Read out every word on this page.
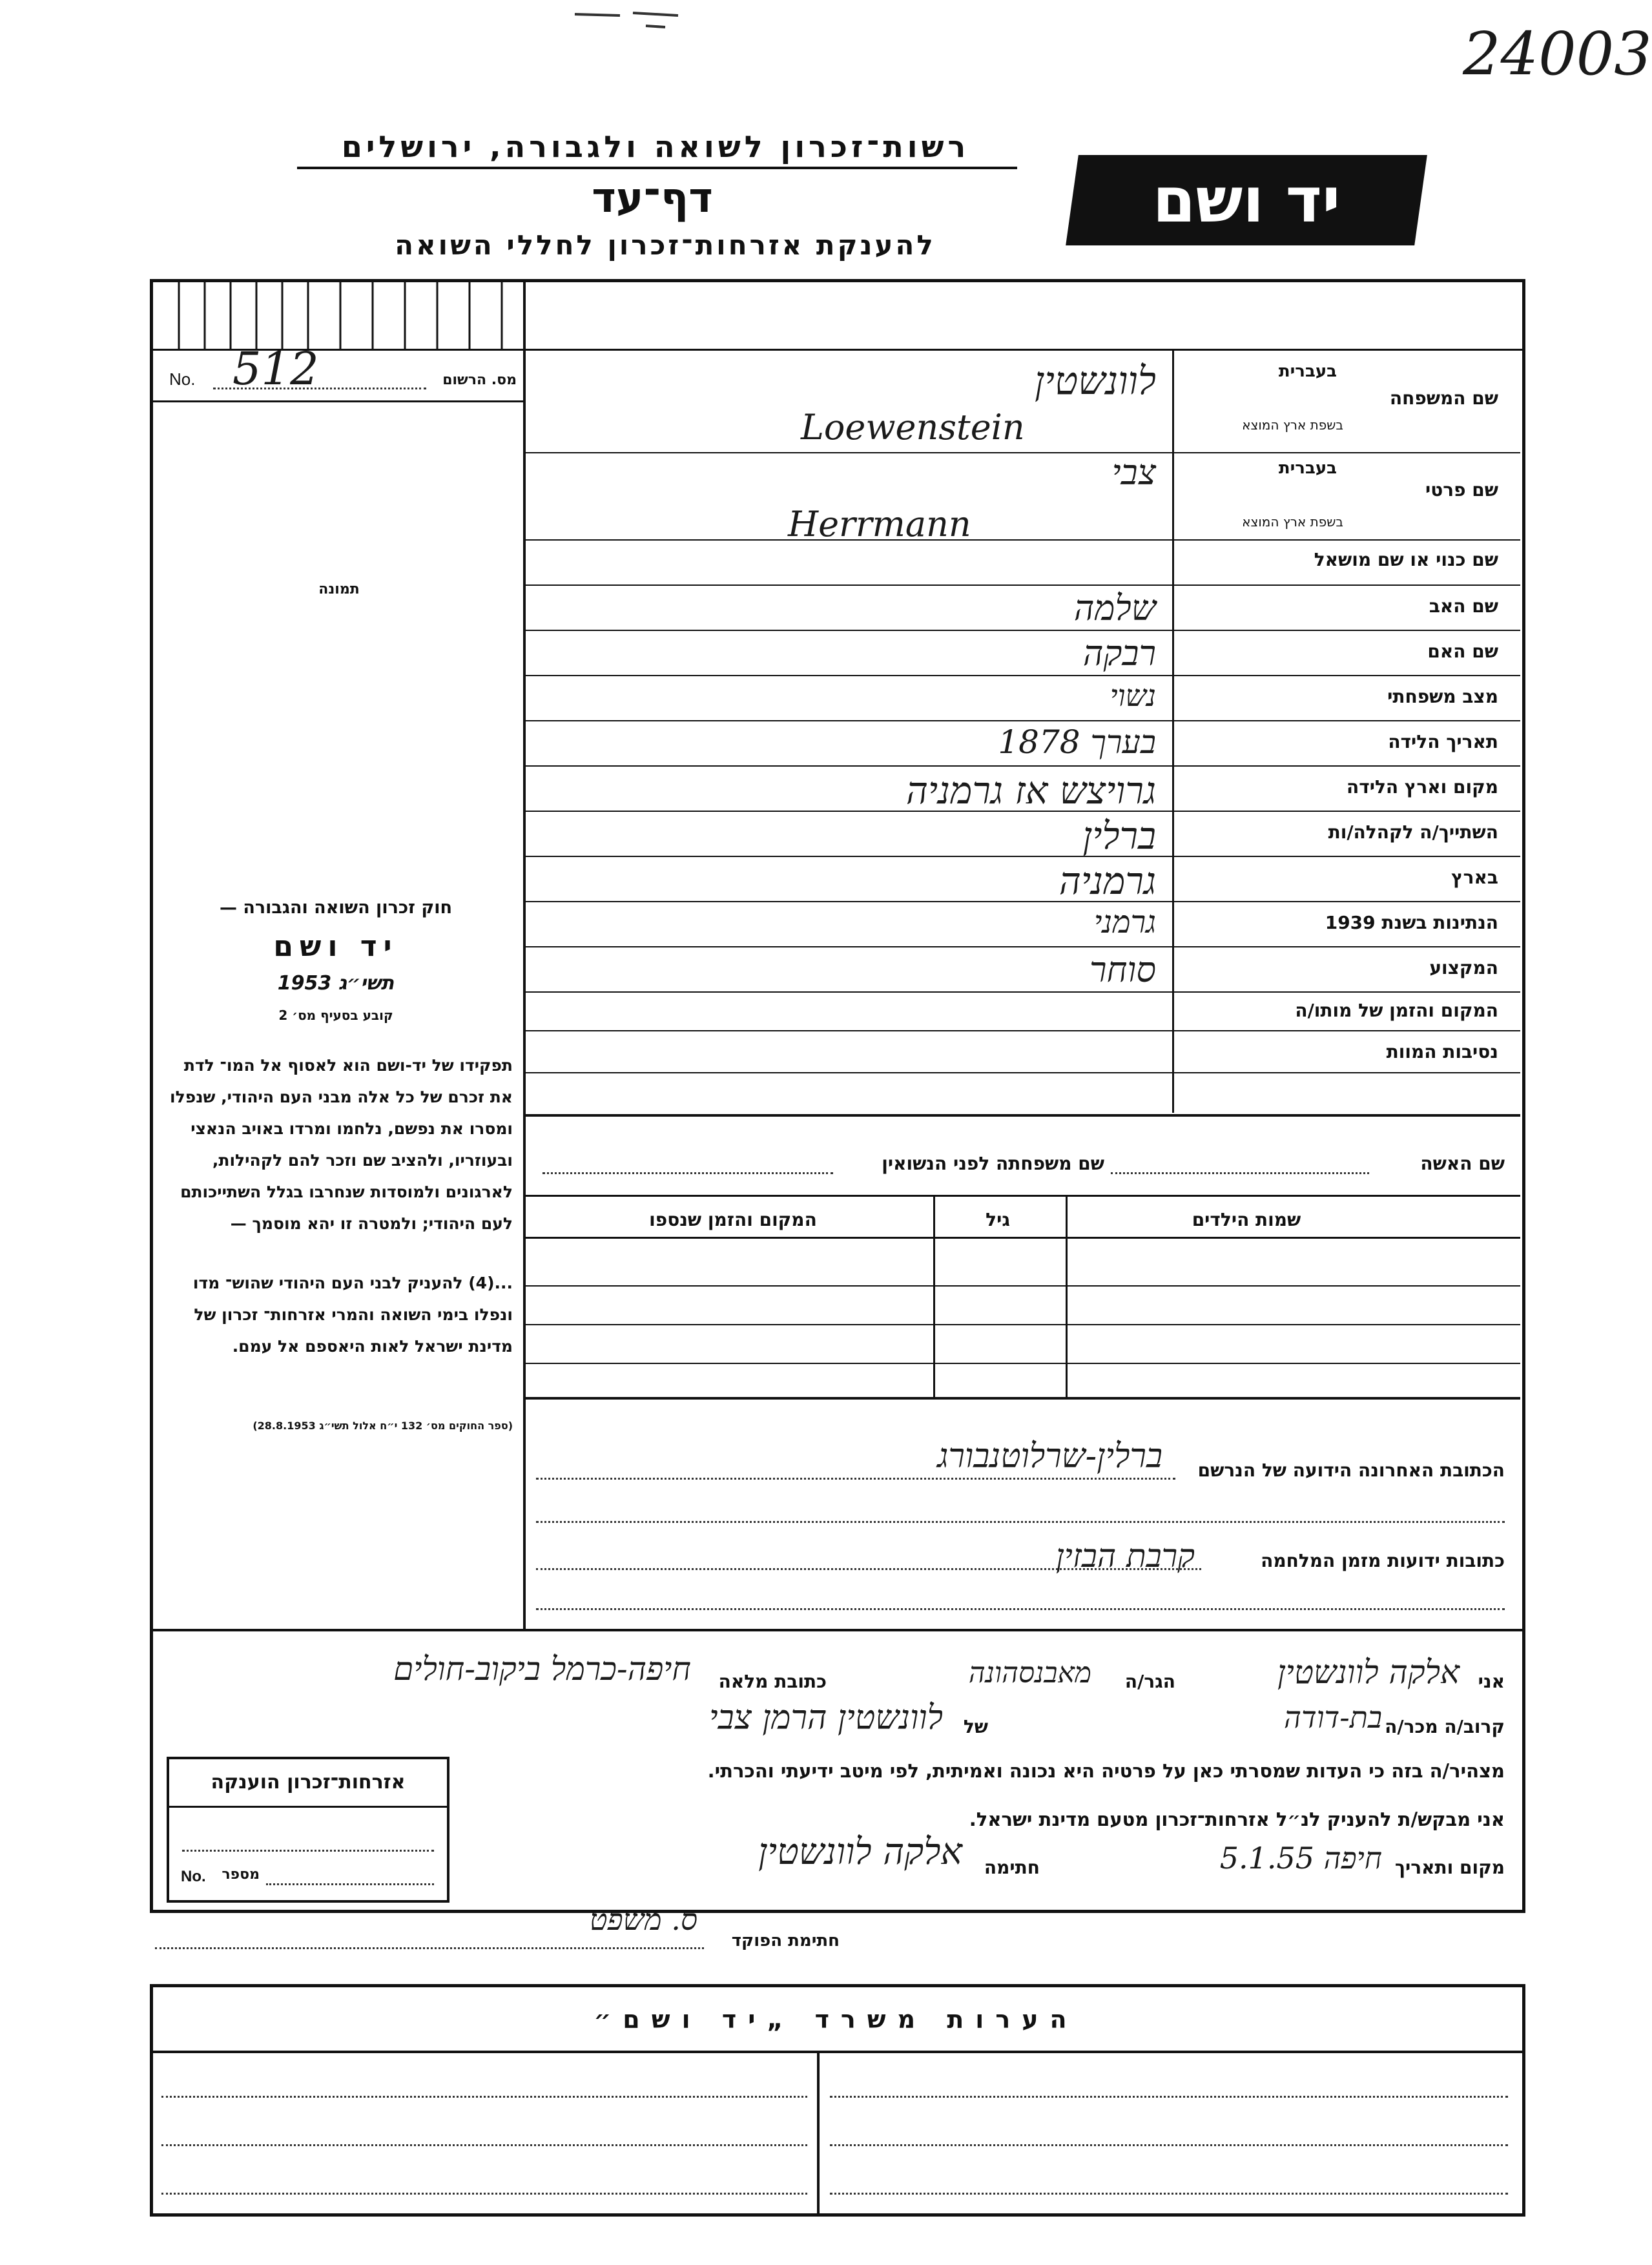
24003
רשות־זכרון לשואה ולגבורה, ירושלים
דף־עד
להענקת אזרחות־זכרון לחללי השואה
יד ושם
No. 512	מס. הרשום
תמונה
שם המשפחה
בעברית
בשפת ארץ המוצא
לוונשטין
Loewenstein
שם פרטי
בעברית
בשפת ארץ המוצא
צבי
Herrmann
שם כנוי או שם מושאל
שם האב
שלמה
שם האם
רבקה
מצב משפחתי
נשוי
תאריך הלידה
בערך 1878
מקום וארץ הלידה
גרויצש אז גרמניה
השתייך/ה לקהלה/ות
ברלין
בארץ
גרמניה
הנתינות בשנת 1939
גרמני
המקצוע
סוחר
המקום והזמן של מותו/ה
נסיבות המוות
חוק זכרון השואה והגבורה —
יד ושם
תשי״ג 1953
קובע בסעיף מס׳ 2
תפקידו של יד-ושם הוא לאסוף אל המו־ לדת את זכרם של כל אלה מבני העם היהודי, שנפלו ומסרו את נפשם, נלחמו ומרדו באויב הנאצי ובעוזריו, ולהציב שם וזכר להם לקהילות, לארגונים ולמוסדות שנחרבו בגלל השתייכותם לעם היהודי; ולמטרה זו יהא מוסמך —
...(4) להעניק לבני העם היהודי שהוש־ מדו ונפלו בימי השואה והמרי אזרחות־ זכרון של מדינת ישראל לאות היאספם אל עמם.
(ספר החוקים מס׳ 132 י״ח אלול תשי״ג 28.8.1953)
שם האשה
שם משפחתה לפני הנשואין
שמות הילדים
גיל
המקום והזמן שנספו
הכתובת האחרונה הידועה של הנרשם
ברלין-שרלוטנבורג
כתובות ידועות מזמן המלחמה
קרבת הבזין
אני
אלקה לוונשטין
הגר/ה
מאבנסהונה
כתובת מלאה
חיפה-כרמל ביקוב-חולים
קרוב/ה מכר/ה
בת-דודה
של
לוונשטין הרמן צבי
מצהיר/ה בזה כי העדות שמסרתי כאן על פרטיה היא נכונה ואמיתית, לפי מיטב ידיעתי והכרתי.
אני מבקש/ת להעניק לנ״ל אזרחות־זכרון מטעם מדינת ישראל.
מקום ותאריך
חיפה 5.1.55
חתימה
אלקה לוונשטין
חתימת הפוקד
ס. משפט
אזרחות־זכרון הוענקה
No. מספר
הערות משרד „יד ושם״
